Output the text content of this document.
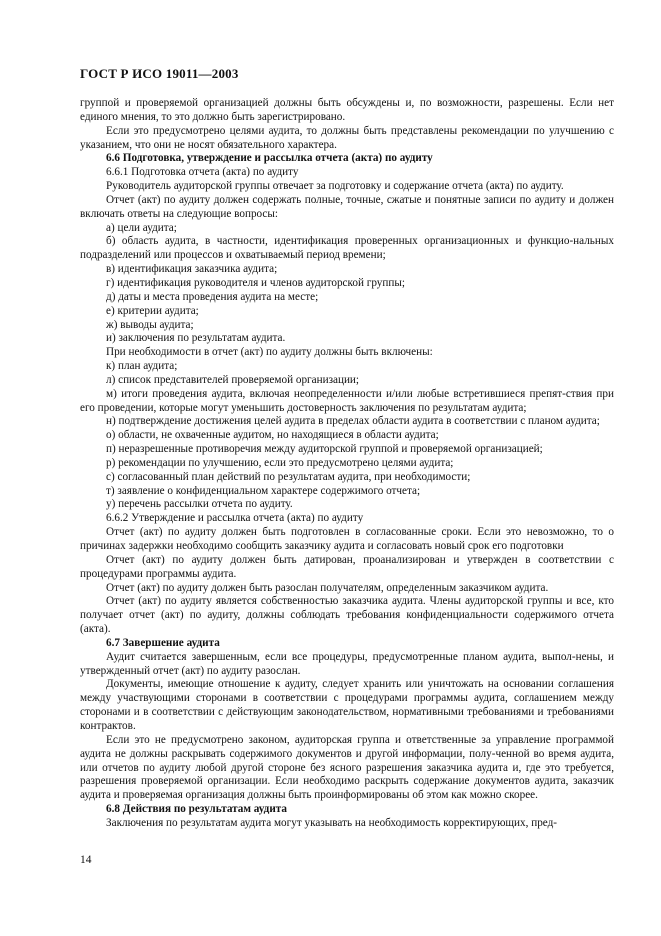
ГОСТ Р ИСО 19011—2003

группой и проверяемой организацией должны быть обсуждены и, по возможности, разрешены. Если нет единого мнения, то это должно быть зарегистрировано.

Если это предусмотрено целями аудита, то должны быть представлены рекомендации по улучшению с указанием, что они не носят обязательного характера.

6.6 Подготовка, утверждение и рассылка отчета (акта) по аудиту

6.6.1 Подготовка отчета (акта) по аудиту

Руководитель аудиторской группы отвечает за подготовку и содержание отчета (акта) по аудиту.

Отчет (акт) по аудиту должен содержать полные, точные, сжатые и понятные записи по аудиту и должен включать ответы на следующие вопросы:

а) цели аудита;

б) область аудита, в частности, идентификация проверенных организационных и функцио-нальных подразделений или процессов и охватываемый период времени;

в) идентификация заказчика аудита;

г) идентификация руководителя и членов аудиторской группы;

д) даты и места проведения аудита на месте;

е) критерии аудита;

ж) выводы аудита;

и) заключения по результатам аудита.

При необходимости в отчет (акт) по аудиту должны быть включены:

к) план аудита;

л) список представителей проверяемой организации;

м) итоги проведения аудита, включая неопределенности и/или любые встретившиеся препят-ствия при его проведении, которые могут уменьшить достоверность заключения по результатам аудита;

н) подтверждение достижения целей аудита в пределах области аудита в соответствии с планом аудита;

о) области, не охваченные аудитом, но находящиеся в области аудита;

п) неразрешенные противоречия между аудиторской группой и проверяемой организацией;

р) рекомендации по улучшению, если это предусмотрено целями аудита;

с) согласованный план действий по результатам аудита, при необходимости;

т) заявление о конфиденциальном характере содержимого отчета;

у) перечень рассылки отчета по аудиту.

6.6.2 Утверждение и рассылка отчета (акта) по аудиту

Отчет (акт) по аудиту должен быть подготовлен в согласованные сроки. Если это невозможно, то о причинах задержки необходимо сообщить заказчику аудита и согласовать новый срок его подготовки

Отчет (акт) по аудиту должен быть датирован, проанализирован и утвержден в соответствии с процедурами программы аудита.

Отчет (акт) по аудиту должен быть разослан получателям, определенным заказчиком аудита.

Отчет (акт) по аудиту является собственностью заказчика аудита. Члены аудиторской группы и все, кто получает отчет (акт) по аудиту, должны соблюдать требования конфиденциальности содержимого отчета (акта).

6.7 Завершение аудита

Аудит считается завершенным, если все процедуры, предусмотренные планом аудита, выпол-нены, и утвержденный отчет (акт) по аудиту разослан.

Документы, имеющие отношение к аудиту, следует хранить или уничтожать на основании соглашения между участвующими сторонами в соответствии с процедурами программы аудита, соглашением между сторонами и в соответствии с действующим законодательством, нормативными требованиями и требованиями контрактов.

Если это не предусмотрено законом, аудиторская группа и ответственные за управление программой аудита не должны раскрывать содержимого документов и другой информации, полу-ченной во время аудита, или отчетов по аудиту любой другой стороне без ясного разрешения заказчика аудита и, где это требуется, разрешения проверяемой организации. Если необходимо раскрыть содержание документов аудита, заказчик аудита и проверяемая организация должны быть проинформированы об этом как можно скорее.

6.8 Действия по результатам аудита

Заключения по результатам аудита могут указывать на необходимость корректирующих, пред-

14
